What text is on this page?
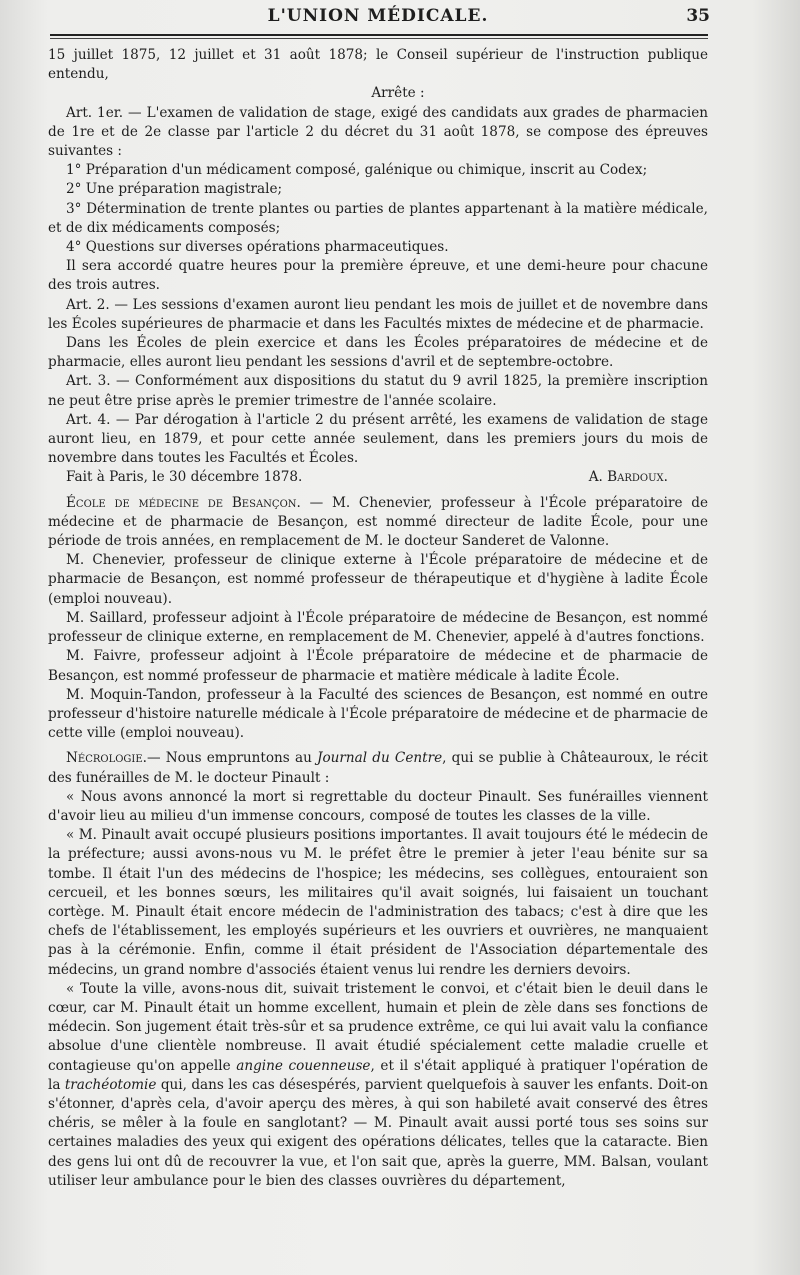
L'UNION MÉDICALE.	35

15 juillet 1875, 12 juillet et 31 août 1878; le Conseil supérieur de l'instruction publique entendu,

Arrête :

Art. 1er. — L'examen de validation de stage, exigé des candidats aux grades de pharmacien de 1re et de 2e classe par l'article 2 du décret du 31 août 1878, se compose des épreuves suivantes :

1° Préparation d'un médicament composé, galénique ou chimique, inscrit au Codex;

2° Une préparation magistrale;

3° Détermination de trente plantes ou parties de plantes appartenant à la matière médicale, et de dix médicaments composés;

4° Questions sur diverses opérations pharmaceutiques.

Il sera accordé quatre heures pour la première épreuve, et une demi-heure pour chacune des trois autres.

Art. 2. — Les sessions d'examen auront lieu pendant les mois de juillet et de novembre dans les Écoles supérieures de pharmacie et dans les Facultés mixtes de médecine et de pharmacie.

Dans les Écoles de plein exercice et dans les Écoles préparatoires de médecine et de pharmacie, elles auront lieu pendant les sessions d'avril et de septembre-octobre.

Art. 3. — Conformément aux dispositions du statut du 9 avril 1825, la première inscription ne peut être prise après le premier trimestre de l'année scolaire.

Art. 4. — Par dérogation à l'article 2 du présent arrêté, les examens de validation de stage auront lieu, en 1879, et pour cette année seulement, dans les premiers jours du mois de novembre dans toutes les Facultés et Écoles.

Fait à Paris, le 30 décembre 1878.	A. Bardoux.

École de médecine de Besançon. — M. Chenevier, professeur à l'École préparatoire de médecine et de pharmacie de Besançon, est nommé directeur de ladite École, pour une période de trois années, en remplacement de M. le docteur Sanderet de Valonne.

M. Chenevier, professeur de clinique externe à l'École préparatoire de médecine et de pharmacie de Besançon, est nommé professeur de thérapeutique et d'hygiène à ladite École (emploi nouveau).

M. Saillard, professeur adjoint à l'École préparatoire de médecine de Besançon, est nommé professeur de clinique externe, en remplacement de M. Chenevier, appelé à d'autres fonctions.

M. Faivre, professeur adjoint à l'École préparatoire de médecine et de pharmacie de Besançon, est nommé professeur de pharmacie et matière médicale à ladite École.

M. Moquin-Tandon, professeur à la Faculté des sciences de Besançon, est nommé en outre professeur d'histoire naturelle médicale à l'École préparatoire de médecine et de pharmacie de cette ville (emploi nouveau).

Nécrologie.— Nous empruntons au Journal du Centre, qui se publie à Châteauroux, le récit des funérailles de M. le docteur Pinault :

« Nous avons annoncé la mort si regrettable du docteur Pinault. Ses funérailles viennent d'avoir lieu au milieu d'un immense concours, composé de toutes les classes de la ville.

« M. Pinault avait occupé plusieurs positions importantes. Il avait toujours été le médecin de la préfecture; aussi avons-nous vu M. le préfet être le premier à jeter l'eau bénite sur sa tombe. Il était l'un des médecins de l'hospice; les médecins, ses collègues, entouraient son cercueil, et les bonnes sœurs, les militaires qu'il avait soignés, lui faisaient un touchant cortège. M. Pinault était encore médecin de l'administration des tabacs; c'est à dire que les chefs de l'établissement, les employés supérieurs et les ouvriers et ouvrières, ne manquaient pas à la cérémonie. Enfin, comme il était président de l'Association départementale des médecins, un grand nombre d'associés étaient venus lui rendre les derniers devoirs.

« Toute la ville, avons-nous dit, suivait tristement le convoi, et c'était bien le deuil dans le cœur, car M. Pinault était un homme excellent, humain et plein de zèle dans ses fonctions de médecin. Son jugement était très-sûr et sa prudence extrême, ce qui lui avait valu la confiance absolue d'une clientèle nombreuse. Il avait étudié spécialement cette maladie cruelle et contagieuse qu'on appelle angine couenneuse, et il s'était appliqué à pratiquer l'opération de la trachéotomie qui, dans les cas désespérés, parvient quelquefois à sauver les enfants. Doit-on s'étonner, d'après cela, d'avoir aperçu des mères, à qui son habileté avait conservé des êtres chéris, se mêler à la foule en sanglotant? — M. Pinault avait aussi porté tous ses soins sur certaines maladies des yeux qui exigent des opérations délicates, telles que la cataracte. Bien des gens lui ont dû de recouvrer la vue, et l'on sait que, après la guerre, MM. Balsan, voulant utiliser leur ambulance pour le bien des classes ouvrières du département,
